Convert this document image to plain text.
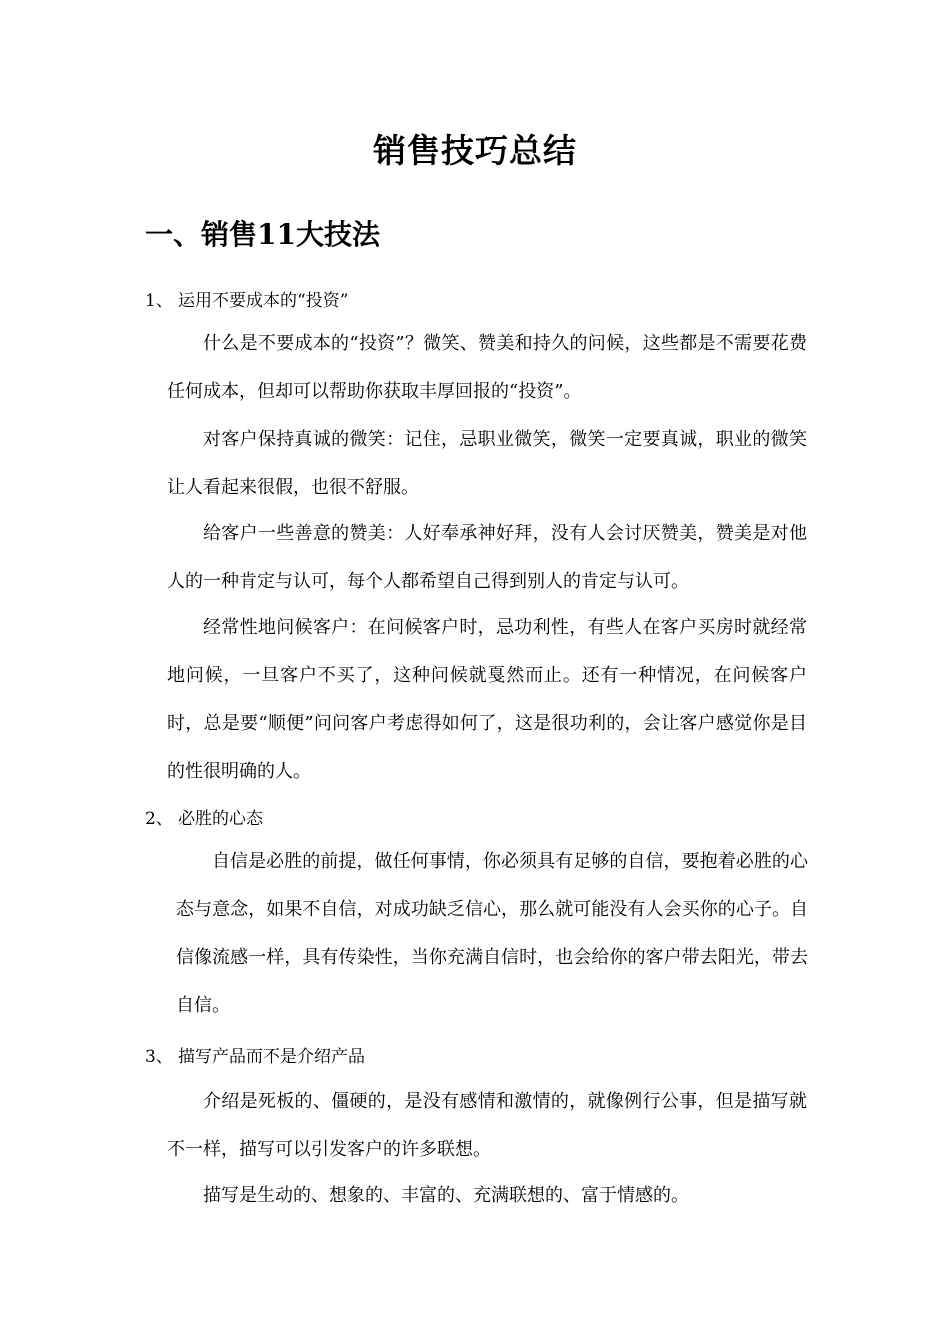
销售技巧总结
一、销售11大技法
1、 运用不要成本的“投资”
什么是不要成本的“投资”？微笑、赞美和持久的问候，这些都是不需要花费任何成本，但却可以帮助你获取丰厚回报的“投资”。
对客户保持真诚的微笑：记住，忌职业微笑，微笑一定要真诚，职业的微笑让人看起来很假，也很不舒服。
给客户一些善意的赞美：人好奉承神好拜，没有人会讨厌赞美，赞美是对他人的一种肯定与认可，每个人都希望自己得到别人的肯定与认可。
经常性地问候客户：在问候客户时，忌功利性，有些人在客户买房时就经常地问候，一旦客户不买了，这种问候就戛然而止。还有一种情况，在问候客户时，总是要“顺便”问问客户考虑得如何了，这是很功利的，会让客户感觉你是目的性很明确的人。
2、 必胜的心态
自信是必胜的前提，做任何事情，你必须具有足够的自信，要抱着必胜的心态与意念，如果不自信，对成功缺乏信心，那么就可能没有人会买你的心子。自信像流感一样，具有传染性，当你充满自信时，也会给你的客户带去阳光，带去自信。
3、 描写产品而不是介绍产品
介绍是死板的、僵硬的，是没有感情和激情的，就像例行公事，但是描写就不一样，描写可以引发客户的许多联想。
描写是生动的、想象的、丰富的、充满联想的、富于情感的。
